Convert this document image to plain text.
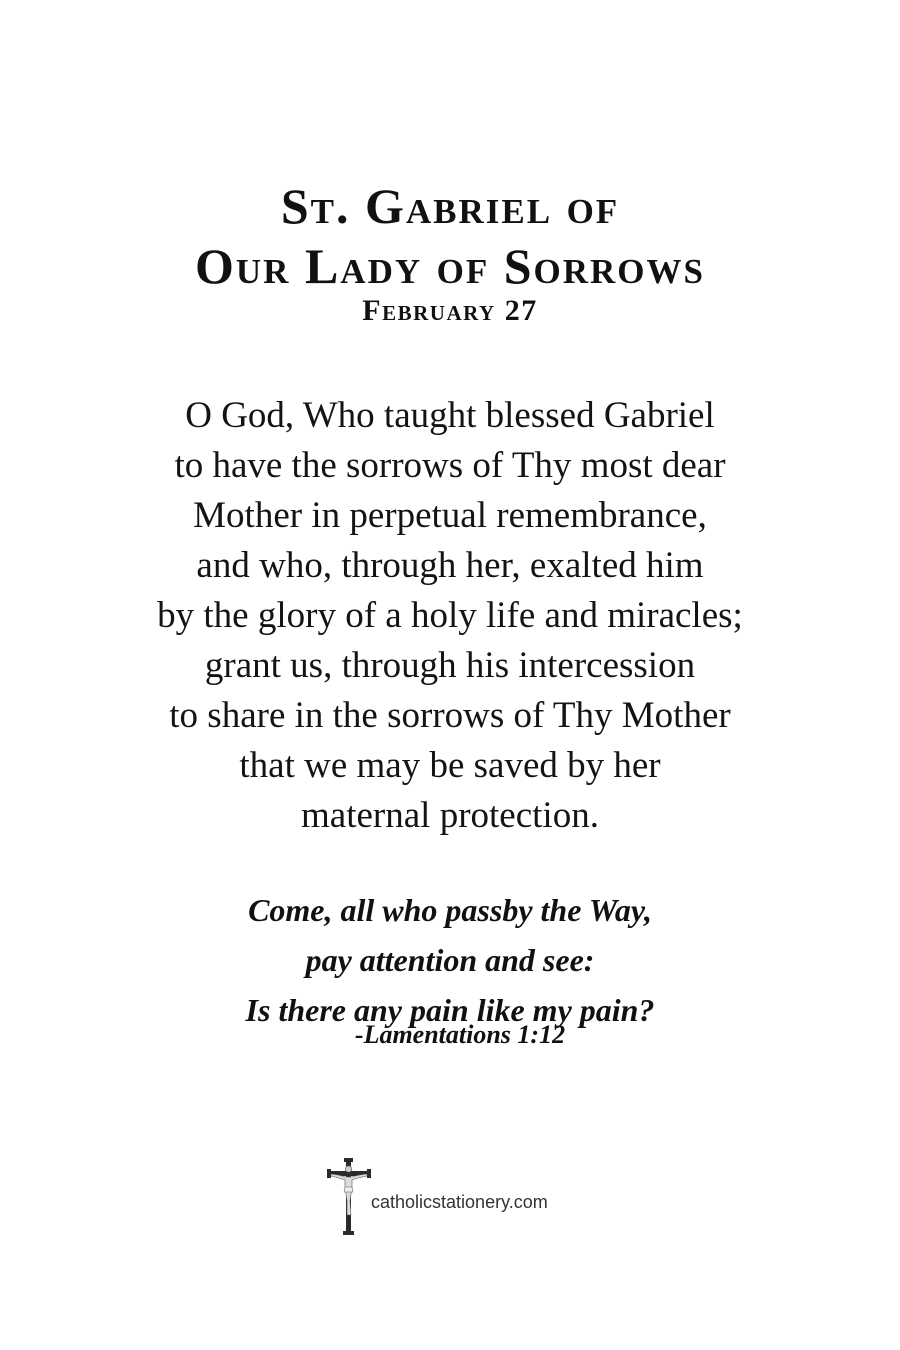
St. Gabriel of
Our Lady of Sorrows
February 27
O God, Who taught blessed Gabriel
to have the sorrows of Thy most dear
Mother in perpetual remembrance,
and who, through her, exalted him
by the glory of a holy life and miracles;
grant us, through his intercession
to share in the sorrows of Thy Mother
that we may be saved by her
maternal protection.
Come, all who passby the Way,
pay attention and see:
Is there any pain like my pain?
-Lamentations 1:12
catholicstationery.com
